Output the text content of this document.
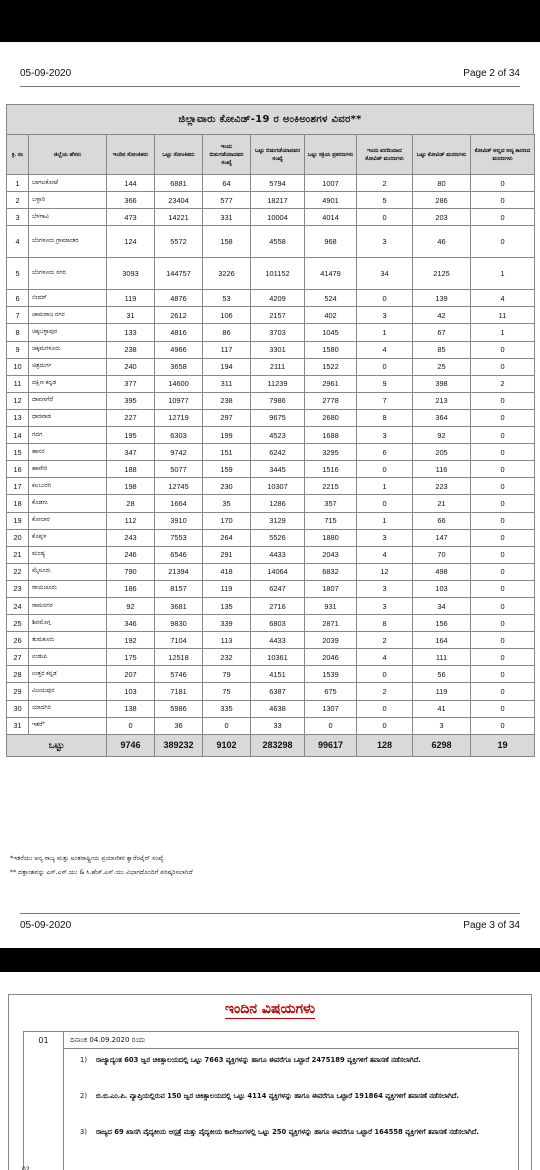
05-09-2020	Page 2 of 34
ಜಿಲ್ಲಾವಾರು ಕೋವಿಡ್-19 ರ ಅಂಕಿಅಂಶಗಳ ವಿವರ**
ಕ್ರ. ಸಂ	ಜಿಲ್ಲೆಯ ಹೆಸರು	ಇಂದಿನ ಸೋಂಕಿತರು	ಒಟ್ಟು ಸೋಂಕಿತರು	ಇಂದು ಬಿಡುಗಡೆಯಾದವರ ಸಂಖ್ಯೆ	ಒಟ್ಟು ಬಿಡುಗಡೆಯಾದವರ ಸಂಖ್ಯೆ	ಒಟ್ಟು ಸಕ್ರಿಯ ಪ್ರಕರಣಗಳು	ಇಂದು ವರದಿಯಾದ ಕೋವಿಡ್ ಮರಣಗಳು	ಒಟ್ಟು ಕೋವಿಡ್ ಮರಣಗಳು	ಕೋವಿಡ್ ಅಲ್ಲದ ಅನ್ಯ ಕಾರಣದ ಮರಣಗಳು
1	ಬಾಗಲಕೋಟೆ	144	6881	64	5794	1007	2	80	0
2	ಬಳ್ಳಾರಿ	366	23404	577	18217	4901	5	286	0
3	ಬೆಳಗಾವಿ	473	14221	331	10004	4014	0	203	0
4	ಬೆಂಗಳೂರು ಗ್ರಾಮಾಂತರ	124	5572	158	4558	968	3	46	0
5	ಬೆಂಗಳೂರು ನಗರ	3093	144757	3226	101152	41479	34	2125	1
6	ಬೀದರ್	119	4876	53	4209	524	0	139	4
7	ಚಾಮರಾಜ ನಗರ	31	2612	106	2157	402	3	42	11
8	ಚಿಕ್ಕಬಳ್ಳಾಪುರ	133	4816	86	3703	1045	1	67	1
9	ಚಿಕ್ಕಮಗಳೂರು	238	4966	117	3301	1580	4	85	0
10	ಚಿತ್ರದುರ್ಗ	240	3658	194	2111	1522	0	25	0
11	ದಕ್ಷಿಣ ಕನ್ನಡ	377	14600	311	11239	2961	9	398	2
12	ದಾವಣಗೆರೆ	395	10977	238	7986	2778	7	213	0
13	ಧಾರವಾಡ	227	12719	297	9675	2680	8	364	0
14	ಗದಗ	195	6303	199	4523	1688	3	92	0
15	ಹಾಸನ	347	9742	151	6242	3295	6	205	0
16	ಹಾವೇರಿ	188	5077	159	3445	1516	0	116	0
17	ಕಲಬುರಗಿ	198	12745	230	10307	2215	1	223	0
18	ಕೊಡಗು	28	1664	35	1286	357	0	21	0
19	ಕೋಲಾರ	112	3910	170	3129	715	1	66	0
20	ಕೊಪ್ಪಳ	243	7553	264	5526	1880	3	147	0
21	ಮಂಡ್ಯ	246	6546	291	4433	2043	4	70	0
22	ಮೈಸೂರು	790	21394	418	14064	6832	12	498	0
23	ರಾಯಚೂರು	186	8157	119	6247	1807	3	103	0
24	ರಾಮನಗರ	92	3681	135	2716	931	3	34	0
25	ಶಿವಮೊಗ್ಗ	346	9830	339	6803	2871	8	156	0
26	ತುಮಕೂರು	192	7104	113	4433	2039	2	164	0
27	ಉಡುಪಿ	175	12518	232	10361	2046	4	111	0
28	ಉತ್ತರ ಕನ್ನಡ	207	5746	79	4151	1539	0	56	0
29	ವಿಜಯಪುರ	103	7181	75	6387	675	2	119	0
30	ಯಾದಗಿರಿ	138	5986	335	4638	1307	0	41	0
31	ಇತರೆ*	0	36	0	33	0	0	3	0
ಒಟ್ಟು		9746	389232	9102	283298	99617	128	6298	19
*ಇತರೆಯು ಅನ್ಯ ರಾಜ್ಯ ಮತ್ತು ಅಂತರಾಷ್ಟ್ರೀಯ ಪ್ರಯಾಣಿಕರ ಕ್ವಾರೆಂಟೈನ್ ಸಂಖ್ಯೆ
** ದತ್ತಾಂಶವನ್ನು ಎಸ್.ಎಸ್.ಯು & ಸಿ.ಹೆಚ್.ಎಸ್.ಯು ವಿಭಾಗದೊಂದಿಗೆ ಪರಿಷ್ಕರಿಸಲಾಗಿದೆ
05-09-2020	Page 3 of 34
ಇಂದಿನ ವಿಷಯಗಳು
01	ದಿನಾಂಕ 04.09.2020 ರಂದು
1)	ರಾಜ್ಯಾದ್ಯಂತ 603 ಜ್ವರ ಚಿಕಿತ್ಸಾಲಯದಲ್ಲಿ ಒಟ್ಟು 7663 ವ್ಯಕ್ತಿಗಳನ್ನು ಹಾಗೂ ಈವರೆಗೂ ಒಟ್ಟಾರೆ 2475189 ವ್ಯಕ್ತಿಗಳಿಗೆ ತಪಾಸಣೆ ನಡೆಸಲಾಗಿದೆ.
2)	ಬಿ.ಬಿ.ಎಂ.ಪಿ. ವ್ಯಾಪ್ತಿಯಲ್ಲಿರುವ 150 ಜ್ವರ ಚಿಕಿತ್ಸಾಲಯದಲ್ಲಿ ಒಟ್ಟು 4114 ವ್ಯಕ್ತಿಗಳನ್ನು ಹಾಗೂ ಈವರೆಗೂ ಒಟ್ಟಾರೆ 191864 ವ್ಯಕ್ತಿಗಳಿಗೆ ತಪಾಸಣೆ ನಡೆಸಲಾಗಿದೆ.
3)	ರಾಜ್ಯದ 69 ಖಾಸಗಿ ವೈದ್ಯಕೀಯ ಆಸ್ಪತ್ರೆ ಮತ್ತು ವೈದ್ಯಕೀಯ ಕಾಲೇಜುಗಳಲ್ಲಿ ಒಟ್ಟು 250 ವ್ಯಕ್ತಿಗಳನ್ನು ಹಾಗೂ ಈವರೆಗೂ ಒಟ್ಟಾರೆ 164558 ವ್ಯಕ್ತಿಗಳಿಗೆ ತಪಾಸಣೆ ನಡೆಸಲಾಗಿದೆ.
02
